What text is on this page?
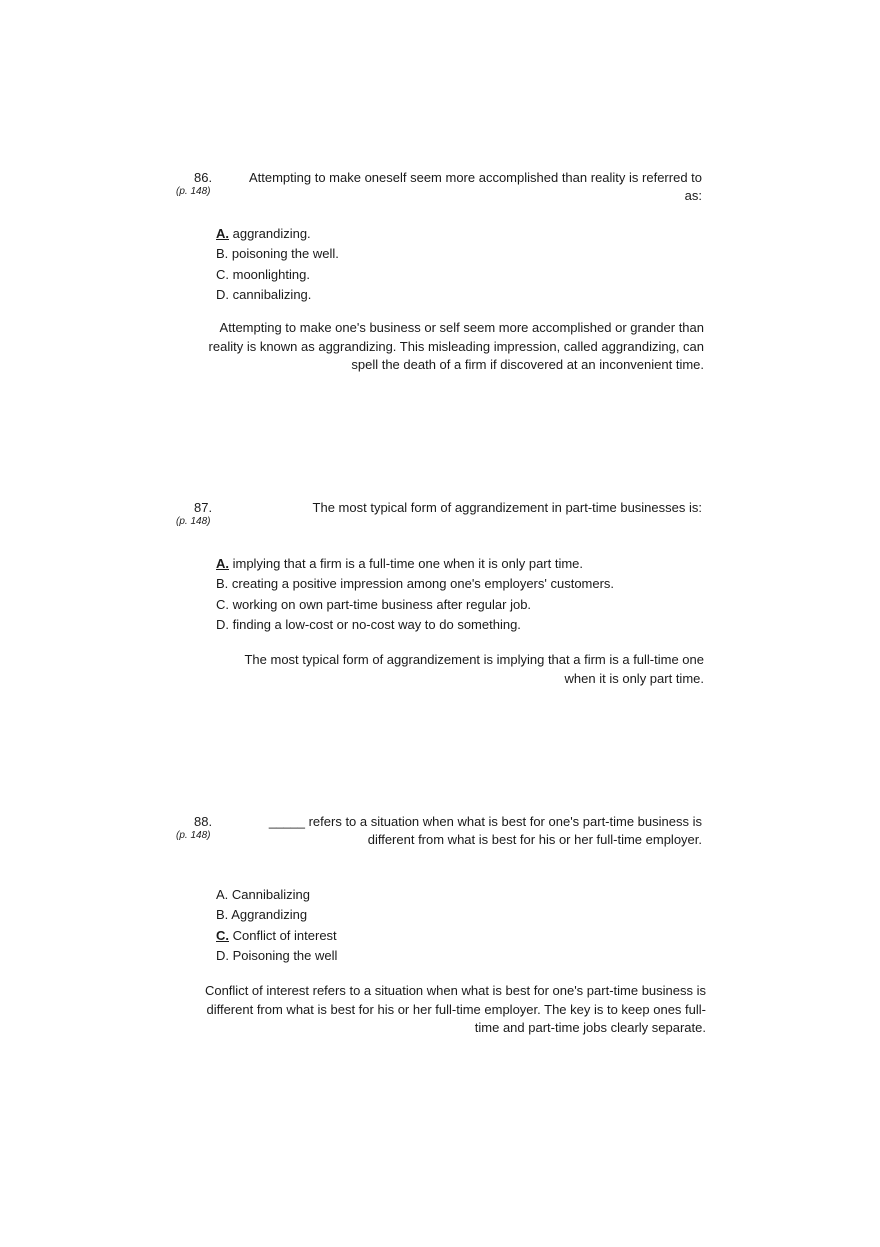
86.
(p. 148)

Attempting to make oneself seem more accomplished than reality is referred to as:

A. aggrandizing.
B. poisoning the well.
C. moonlighting.
D. cannibalizing.

Attempting to make one's business or self seem more accomplished or grander than reality is known as aggrandizing. This misleading impression, called aggrandizing, can spell the death of a firm if discovered at an inconvenient time.

87.
(p. 148)

The most typical form of aggrandizement in part-time businesses is:

A. implying that a firm is a full-time one when it is only part time.
B. creating a positive impression among one's employers' customers.
C. working on own part-time business after regular job.
D. finding a low-cost or no-cost way to do something.

The most typical form of aggrandizement is implying that a firm is a full-time one when it is only part time.

88.
(p. 148)

_____ refers to a situation when what is best for one's part-time business is different from what is best for his or her full-time employer.

A. Cannibalizing
B. Aggrandizing
C. Conflict of interest
D. Poisoning the well

Conflict of interest refers to a situation when what is best for one's part-time business is different from what is best for his or her full-time employer. The key is to keep ones full-time and part-time jobs clearly separate.
